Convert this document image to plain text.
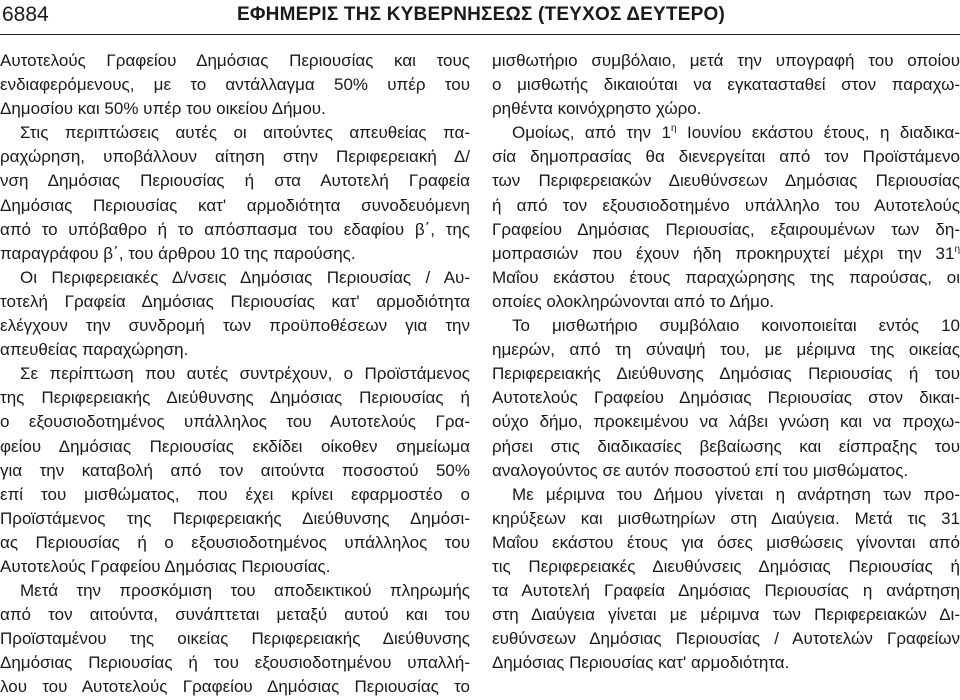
6884	ΕΦΗΜΕΡΙΣ ΤΗΣ ΚΥΒΕΡΝΗΣΕΩΣ (ΤΕΥΧΟΣ ΔΕΥΤΕΡΟ)
Αυτοτελούς Γραφείου Δημόσιας Περιουσίας και τους
ενδιαφερόμενους, με το αντάλλαγμα 50% υπέρ του
Δημοσίου και 50% υπέρ του οικείου Δήμου.
Στις περιπτώσεις αυτές οι αιτούντες απευθείας πα-
ραχώρηση, υποβάλλουν αίτηση στην Περιφερειακή Δ/
νση Δημόσιας Περιουσίας ή στα Αυτοτελή Γραφεία
Δημόσιας Περιουσίας κατ' αρμοδιότητα συνοδευόμενη
από το υπόβαθρο ή το απόσπασμα του εδαφίου β΄, της
παραγράφου β΄, του άρθρου 10 της παρούσης.
Οι Περιφερειακές Δ/νσεις Δημόσιας Περιουσίας / Αυ-
τοτελή Γραφεία Δημόσιας Περιουσίας κατ' αρμοδιότητα
ελέγχουν την συνδρομή των προϋποθέσεων για την
απευθείας παραχώρηση.
Σε περίπτωση που αυτές συντρέχουν, ο Προϊστάμενος
της Περιφερειακής Διεύθυνσης Δημόσιας Περιουσίας ή
ο εξουσιοδοτημένος υπάλληλος του Αυτοτελούς Γρα-
φείου Δημόσιας Περιουσίας εκδίδει οίκοθεν σημείωμα
για την καταβολή από τον αιτούντα ποσοστού 50%
επί του μισθώματος, που έχει κρίνει εφαρμοστέο ο
Προϊστάμενος της Περιφερειακής Διεύθυνσης Δημόσι-
ας Περιουσίας ή ο εξουσιοδοτημένος υπάλληλος του
Αυτοτελούς Γραφείου Δημόσιας Περιουσίας.
Μετά την προσκόμιση του αποδεικτικού πληρωμής
από τον αιτούντα, συνάπτεται μεταξύ αυτού και του
Προϊσταμένου της οικείας Περιφερειακής Διεύθυνσης
Δημόσιας Περιουσίας ή του εξουσιοδοτημένου υπαλλή-
λου του Αυτοτελούς Γραφείου Δημόσιας Περιουσίας το
μισθωτήριο συμβόλαιο, μετά την υπογραφή του οποίου
ο μισθωτής δικαιούται να εγκατασταθεί στον παραχω-
ρηθέντα κοινόχρηστο χώρο.
Ομοίως, από την $1^\eta$ Ιουνίου εκάστου έτους, η διαδικα-
σία δημοπρασίας θα διενεργείται από τον Προϊστάμενο
των Περιφερειακών Διευθύνσεων Δημόσιας Περιουσίας
ή από τον εξουσιοδοτημένο υπάλληλο του Αυτοτελούς
Γραφείου Δημόσιας Περιουσίας, εξαιρουμένων των δη-
μοπρασιών που έχουν ήδη προκηρυχτεί μέχρι την $31^\eta$
Μαΐου εκάστου έτους παραχώρησης της παρούσας, οι
οποίες ολοκληρώνονται από το Δήμο.
Το μισθωτήριο συμβόλαιο κοινοποιείται εντός 10
ημερών, από τη σύναψή του, με μέριμνα της οικείας
Περιφερειακής Διεύθυνσης Δημόσιας Περιουσίας ή του
Αυτοτελούς Γραφείου Δημόσιας Περιουσίας στον δικαι-
ούχο δήμο, προκειμένου να λάβει γνώση και να προχω-
ρήσει στις διαδικασίες βεβαίωσης και είσπραξης του
αναλογούντος σε αυτόν ποσοστού επί του μισθώματος.
Με μέριμνα του Δήμου γίνεται η ανάρτηση των προ-
κηρύξεων και μισθωτηρίων στη Διαύγεια. Μετά τις 31
Μαΐου εκάστου έτους για όσες μισθώσεις γίνονται από
τις Περιφερειακές Διευθύνσεις Δημόσιας Περιουσίας ή
τα Αυτοτελή Γραφεία Δημόσιας Περιουσίας η ανάρτηση
στη Διαύγεια γίνεται με μέριμνα των Περιφερειακών Δι-
ευθύνσεων Δημόσιας Περιουσίας / Αυτοτελών Γραφείων
Δημόσιας Περιουσίας κατ' αρμοδιότητα.
